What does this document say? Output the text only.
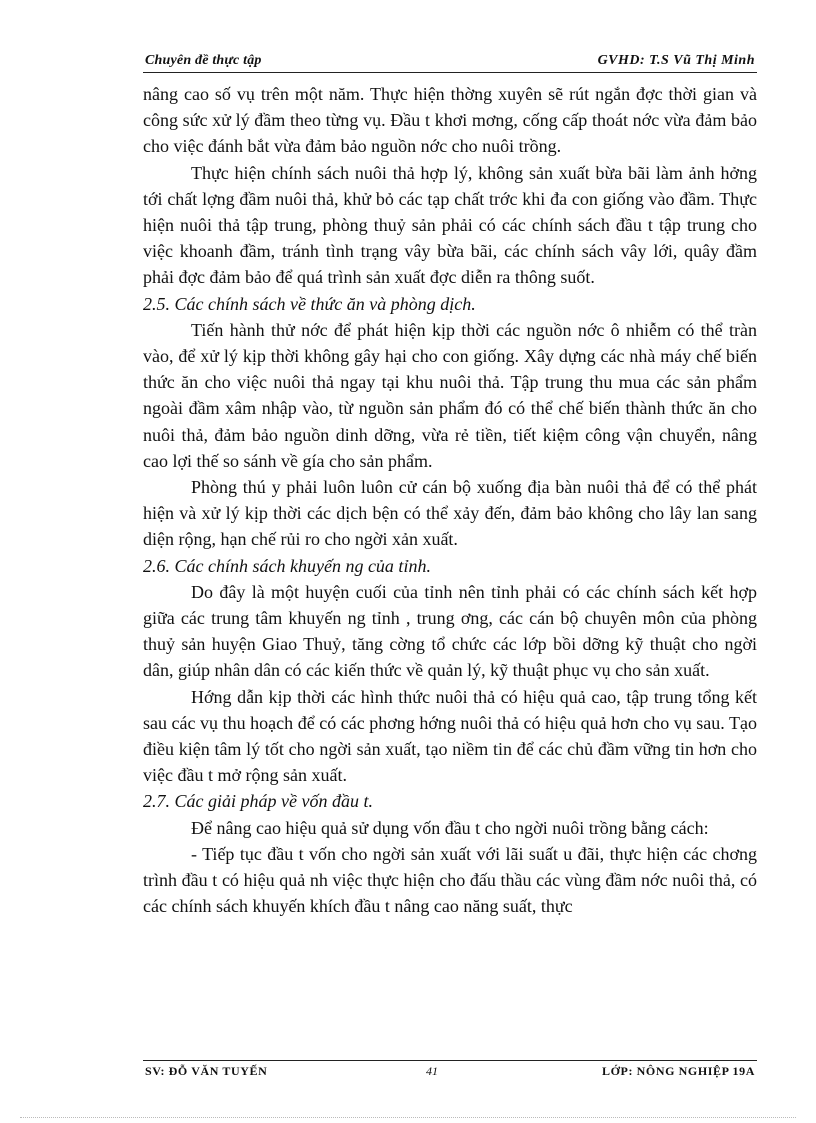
Chuyên đề thực tập	GVHD: T.S Vũ Thị Minh

nâng cao số vụ trên một năm. Thực hiện thờng xuyên sẽ rút ngắn đợc thời gian và công sức xử lý đầm theo từng vụ. Đầu t khơi mơng, cống cấp thoát nớc vừa đảm bảo cho việc đánh bắt vừa đảm bảo nguồn nớc cho nuôi trồng.

Thực hiện chính sách nuôi thả hợp lý, không sản xuất bừa bãi làm ảnh hởng tới chất lợng đầm nuôi thả, khử bỏ các tạp chất trớc khi đa con giống vào đầm. Thực hiện nuôi thả tập trung, phòng thuỷ sản phải có các chính sách đầu t tập trung cho việc khoanh đầm, tránh tình trạng vây bừa bãi, các chính sách vây lới, quây đầm phải đợc đảm bảo để quá trình sản xuất đợc diễn ra thông suốt.

2.5. Các chính sách về thức ăn và phòng dịch.

Tiến hành thử nớc để phát hiện kịp thời các nguồn nớc ô nhiễm có thể tràn vào, để xử lý kịp thời không gây hại cho con giống. Xây dựng các nhà máy chế biến thức ăn cho việc nuôi thả ngay tại khu nuôi thả. Tập trung thu mua các sản phẩm ngoài đầm xâm nhập vào, từ nguồn sản phẩm đó có thể chế biến thành thức ăn cho nuôi thả, đảm bảo nguồn dinh dỡng, vừa rẻ tiền, tiết kiệm công vận chuyển, nâng cao lợi thế so sánh về gía cho sản phẩm.

Phòng thú y phải luôn luôn cử cán bộ xuống địa bàn nuôi thả để có thể phát hiện và xử lý kịp thời các dịch bện có thể xảy đến, đảm bảo không cho lây lan sang diện rộng, hạn chế rủi ro cho ngời xản xuất.

2.6. Các chính sách khuyến ng của tỉnh.

Do đây là một huyện cuối của tỉnh nên tỉnh phải có các chính sách kết hợp giữa các trung tâm khuyến ng tỉnh , trung ơng, các cán bộ chuyên môn của phòng thuỷ sản huyện Giao Thuỷ, tăng cờng tổ chức các lớp bồi dỡng kỹ thuật cho ngời dân, giúp nhân dân có các kiến thức về quản lý, kỹ thuật phục vụ cho sản xuất.

Hớng dẫn kịp thời các hình thức nuôi thả có hiệu quả cao, tập trung tổng kết sau các vụ thu hoạch để có các phơng hớng nuôi thả có hiệu quả hơn cho vụ sau. Tạo điều kiện tâm lý tốt cho ngời sản xuất, tạo niềm tin để các chủ đầm vững tin hơn cho việc đầu t mở rộng sản xuất.

2.7. Các giải pháp về vốn đầu t.

Để nâng cao hiệu quả sử dụng vốn đầu t cho ngời nuôi trồng bằng cách:

- Tiếp tục đầu t vốn cho ngời sản xuất với lãi suất u đãi, thực hiện các chơng trình đầu t có hiệu quả nh việc thực hiện cho đấu thầu các vùng đầm nớc nuôi thả, có các chính sách khuyến khích đầu t nâng cao năng suất, thực

SV: ĐỖ VĂN TUYẾN	41	LỚP: NÔNG NGHIỆP 19A
